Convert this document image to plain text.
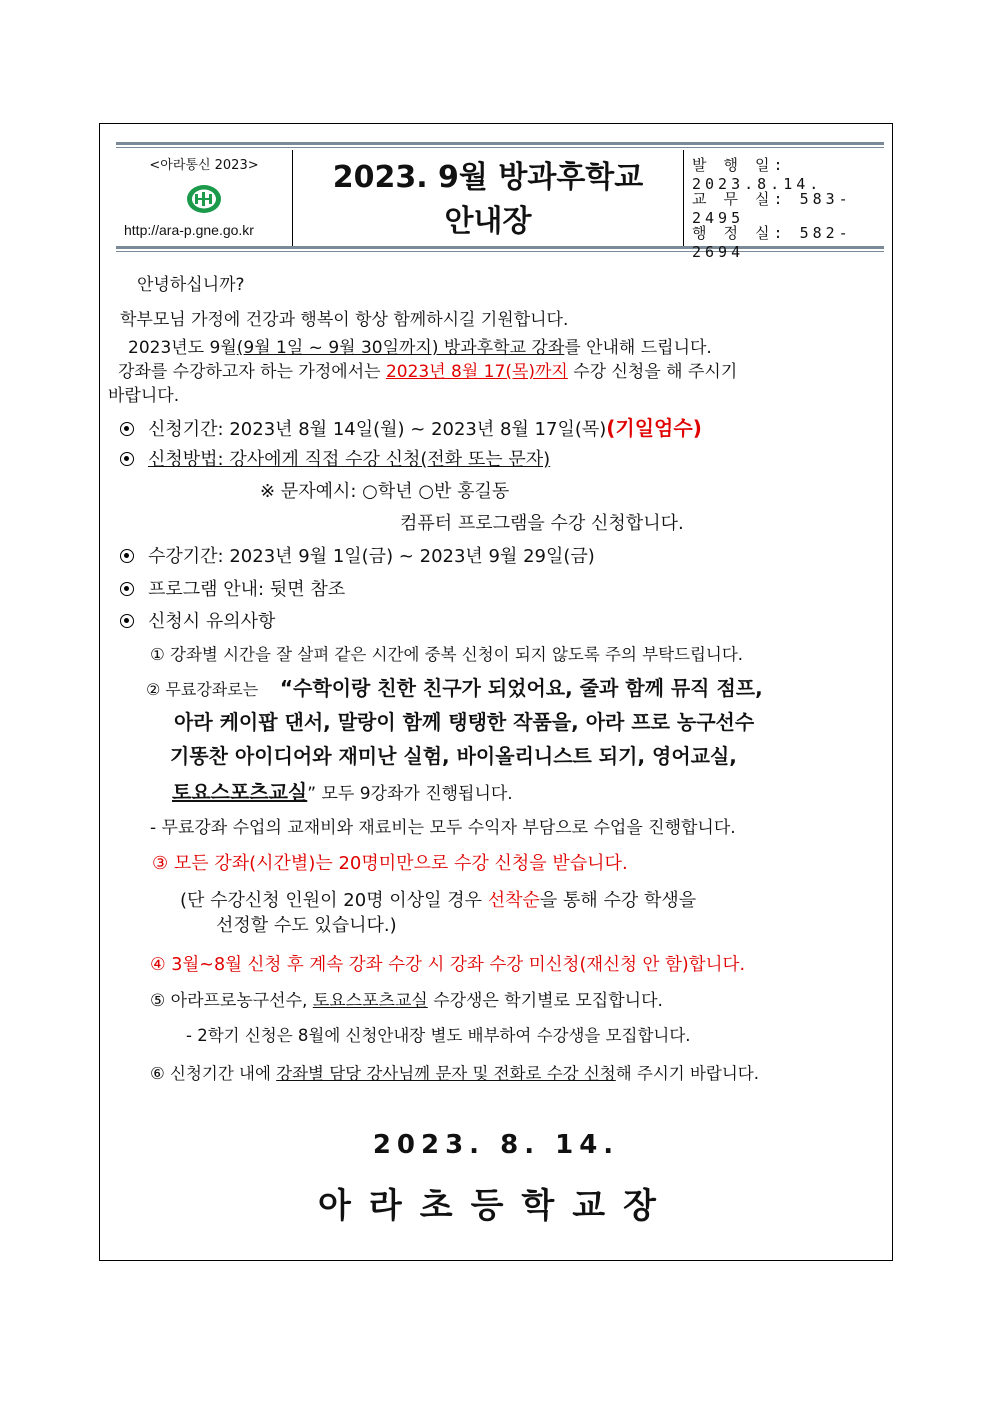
<아라통신 2023>
http://ara-p.gne.go.kr
2023. 9월 방과후학교
안내장
발 행 일: 2023.8.14.
교 무 실: 583-2495
행 정 실: 582-2694
안녕하십니까?
학부모님 가정에 건강과 행복이 항상 함께하시길 기원합니다.
2023년도 9월(9월 1일 ~ 9월 30일까지) 방과후학교 강좌를 안내해 드립니다.
강좌를 수강하고자 하는 가정에서는 2023년 8월 17(목)까지 수강 신청을 해 주시기
바랍니다.
신청기간: 2023년 8월 14일(월) ~ 2023년 8월 17일(목)(기일엄수)
신청방법: 강사에게 직접 수강 신청(전화 또는 문자)
※ 문자예시: ○학년 ○반 홍길동
컴퓨터 프로그램을 수강 신청합니다.
수강기간: 2023년 9월 1일(금) ~ 2023년 9월 29일(금)
프로그램 안내: 뒷면 참조
신청시 유의사항
① 강좌별 시간을 잘 살펴 같은 시간에 중복 신청이 되지 않도록 주의 부탁드립니다.
② 무료강좌로는 “수학이랑 친한 친구가 되었어요, 줄과 함께 뮤직 점프,
아라 케이팝 댄서, 말랑이 함께 탱탱한 작품을, 아라 프로 농구선수
기똥찬 아이디어와 재미난 실험, 바이올리니스트 되기, 영어교실,
토요스포츠교실” 모두 9강좌가 진행됩니다.
- 무료강좌 수업의 교재비와 재료비는 모두 수익자 부담으로 수업을 진행합니다.
③ 모든 강좌(시간별)는 20명미만으로 수강 신청을 받습니다.
(단 수강신청 인원이 20명 이상일 경우 선착순을 통해 수강 학생을
선정할 수도 있습니다.)
④ 3월~8월 신청 후 계속 강좌 수강 시 강좌 수강 미신청(재신청 안 함)합니다.
⑤ 아라프로농구선수, 토요스포츠교실 수강생은 학기별로 모집합니다.
- 2학기 신청은 8월에 신청안내장 별도 배부하여 수강생을 모집합니다.
⑥ 신청기간 내에 강좌별 담당 강사님께 문자 및 전화로 수강 신청해 주시기 바랍니다.
2023. 8. 14.
아라초등학교장
